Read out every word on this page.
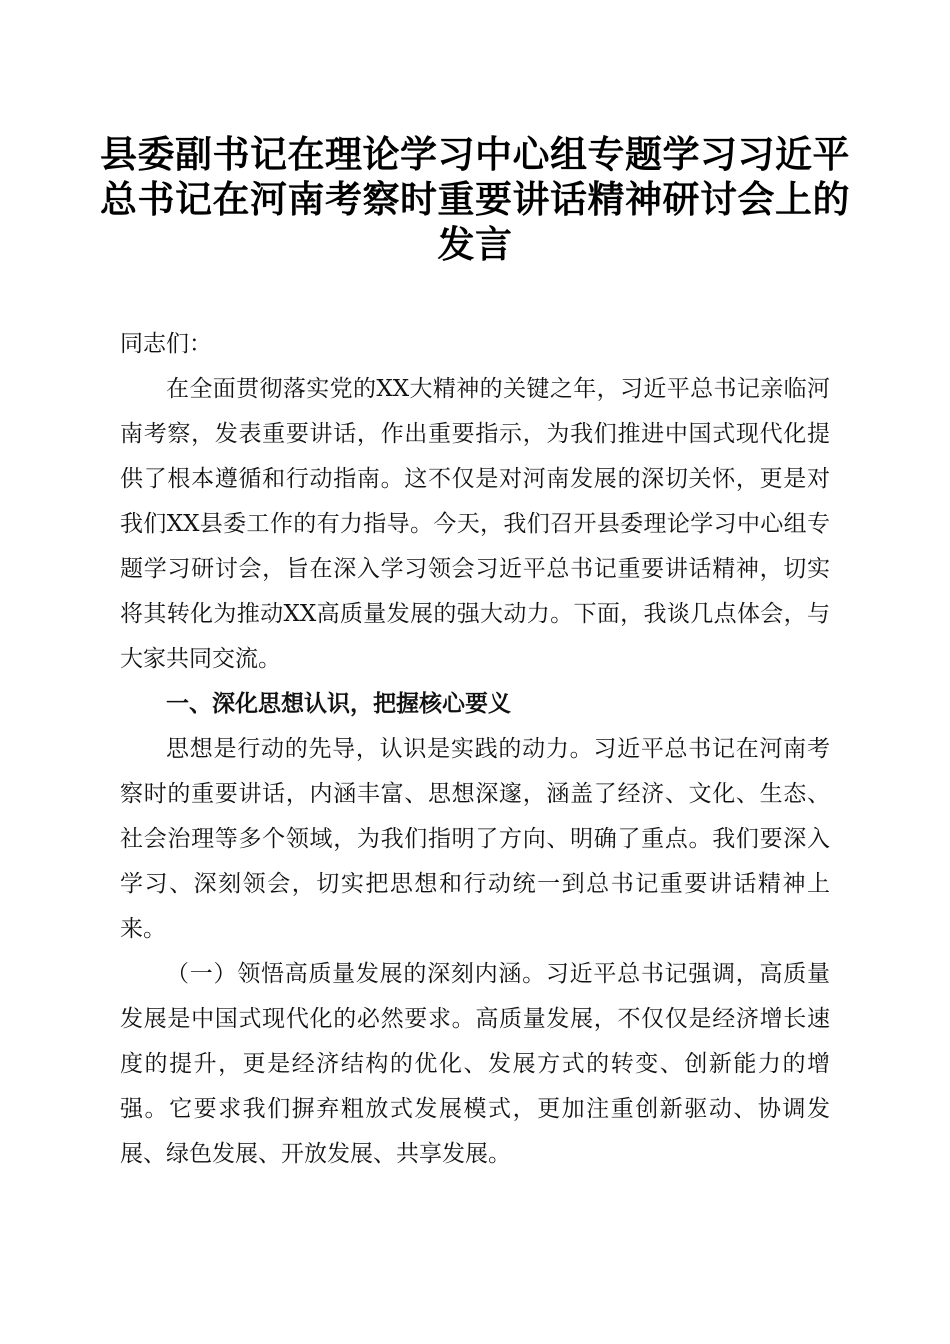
县委副书记在理论学习中心组专题学习习近平总书记在河南考察时重要讲话精神研讨会上的发言

同志们：

在全面贯彻落实党的XX大精神的关键之年，习近平总书记亲临河南考察，发表重要讲话，作出重要指示，为我们推进中国式现代化提供了根本遵循和行动指南。这不仅是对河南发展的深切关怀，更是对我们XX县委工作的有力指导。今天，我们召开县委理论学习中心组专题学习研讨会，旨在深入学习领会习近平总书记重要讲话精神，切实将其转化为推动XX高质量发展的强大动力。下面，我谈几点体会，与大家共同交流。

一、深化思想认识，把握核心要义

思想是行动的先导，认识是实践的动力。习近平总书记在河南考察时的重要讲话，内涵丰富、思想深邃，涵盖了经济、文化、生态、社会治理等多个领域，为我们指明了方向、明确了重点。我们要深入学习、深刻领会，切实把思想和行动统一到总书记重要讲话精神上来。

（一）领悟高质量发展的深刻内涵。习近平总书记强调，高质量发展是中国式现代化的必然要求。高质量发展，不仅仅是经济增长速度的提升，更是经济结构的优化、发展方式的转变、创新能力的增强。它要求我们摒弃粗放式发展模式，更加注重创新驱动、协调发展、绿色发展、开放发展、共享发展。
